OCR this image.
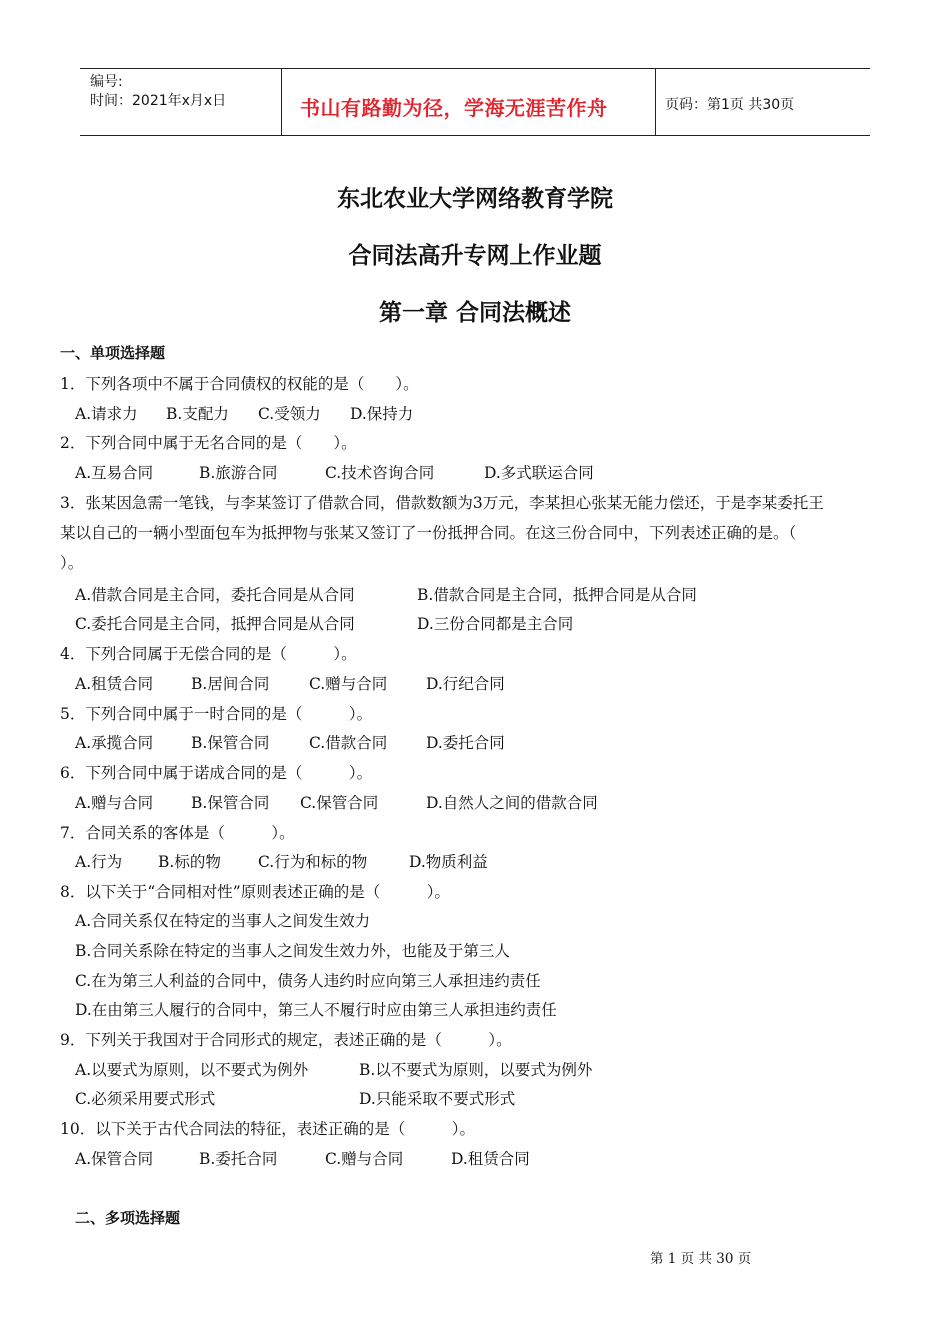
编号:
时间：2021年x月x日	书山有路勤为径，学海无涯苦作舟	页码：第1页 共30页
东北农业大学网络教育学院
合同法高升专网上作业题
第一章 合同法概述
一、单项选择题
1．下列各项中不属于合同债权的权能的是（　　）。
A.请求力 B.支配力 C.受领力 D.保持力
2．下列合同中属于无名合同的是（　　）。
A.互易合同	B.旅游合同	C.技术咨询合同	D.多式联运合同
3．张某因急需一笔钱，与李某签订了借款合同，借款数额为3万元，李某担心张某无能力偿还，于是李某委托王
某以自己的一辆小型面包车为抵押物与张某又签订了一份抵押合同。在这三份合同中，下列表述正确的是。（
）。
A.借款合同是主合同，委托合同是从合同	B.借款合同是主合同，抵押合同是从合同
C.委托合同是主合同，抵押合同是从合同	D.三份合同都是主合同
4．下列合同属于无偿合同的是（　　　）。
A.租赁合同 B.居间合同	C.赠与合同	D.行纪合同
5．下列合同中属于一时合同的是（　　　）。
A.承揽合同 B.保管合同	C.借款合同	D.委托合同
6．下列合同中属于诺成合同的是（　　　）。
A.赠与合同 B.保管合同 C.保管合同	D.自然人之间的借款合同
7．合同关系的客体是（　　　）。
A.行为 B.标的物 C.行为和标的物	D.物质利益
8．以下关于“合同相对性”原则表述正确的是（　　　）。
A.合同关系仅在特定的当事人之间发生效力
B.合同关系除在特定的当事人之间发生效力外，也能及于第三人
C.在为第三人利益的合同中，债务人违约时应向第三人承担违约责任
D.在由第三人履行的合同中，第三人不履行时应由第三人承担违约责任
9．下列关于我国对于合同形式的规定，表述正确的是（　　　）。
A.以要式为原则，以不要式为例外	B.以不要式为原则，以要式为例外
C.必须采用要式形式	D.只能采取不要式形式
10．以下关于古代合同法的特征，表述正确的是（　　　）。
A.保管合同	B.委托合同	C.赠与合同	D.租赁合同
二、多项选择题
第 1 页 共 30 页
